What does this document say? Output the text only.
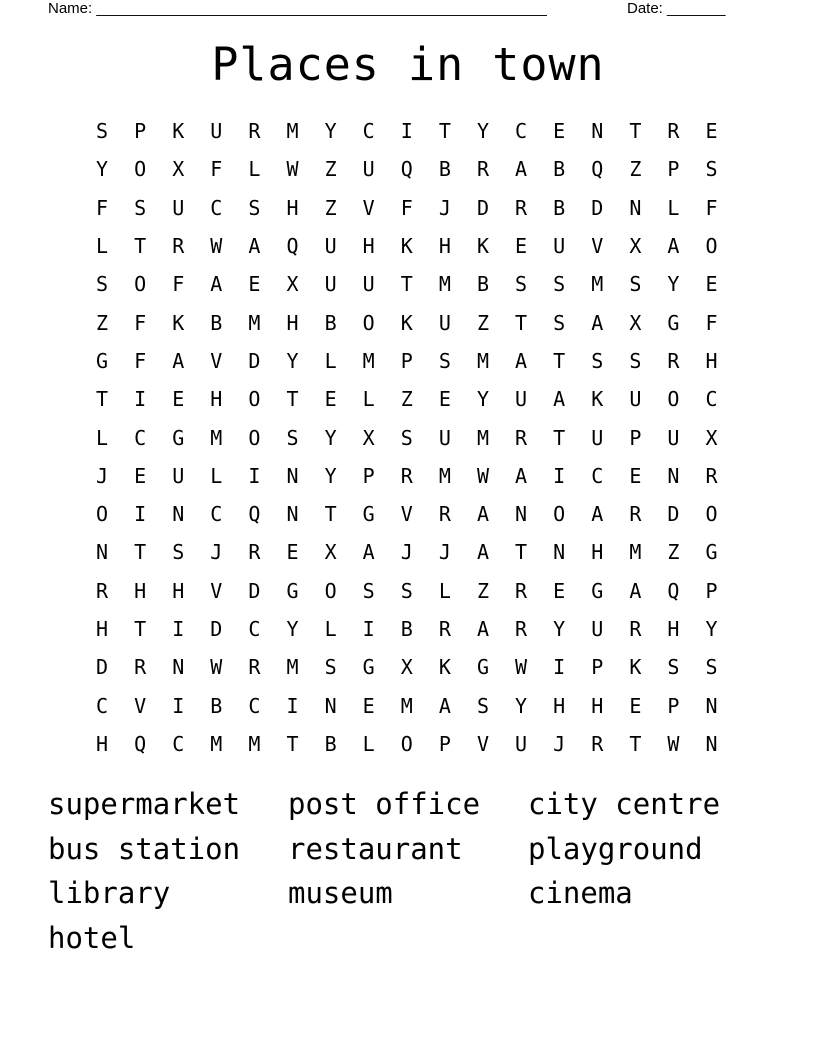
Name: ______________________________________________________	Date: _______
Places in town
S	P	K	U	R	M	Y	C	I	T	Y	C	E	N	T	R	E
Y	O	X	F	L	W	Z	U	Q	B	R	A	B	Q	Z	P	S
F	S	U	C	S	H	Z	V	F	J	D	R	B	D	N	L	F
L	T	R	W	A	Q	U	H	K	H	K	E	U	V	X	A	O
S	O	F	A	E	X	U	U	T	M	B	S	S	M	S	Y	E
Z	F	K	B	M	H	B	O	K	U	Z	T	S	A	X	G	F
G	F	A	V	D	Y	L	M	P	S	M	A	T	S	S	R	H
T	I	E	H	O	T	E	L	Z	E	Y	U	A	K	U	O	C
L	C	G	M	O	S	Y	X	S	U	M	R	T	U	P	U	X
J	E	U	L	I	N	Y	P	R	M	W	A	I	C	E	N	R
O	I	N	C	Q	N	T	G	V	R	A	N	O	A	R	D	O
N	T	S	J	R	E	X	A	J	J	A	T	N	H	M	Z	G
R	H	H	V	D	G	O	S	S	L	Z	R	E	G	A	Q	P
H	T	I	D	C	Y	L	I	B	R	A	R	Y	U	R	H	Y
D	R	N	W	R	M	S	G	X	K	G	W	I	P	K	S	S
C	V	I	B	C	I	N	E	M	A	S	Y	H	H	E	P	N
H	Q	C	M	M	T	B	L	O	P	V	U	J	R	T	W	N
supermarket	post office	city centre
bus station	restaurant	playground
library	museum	cinema
hotel
